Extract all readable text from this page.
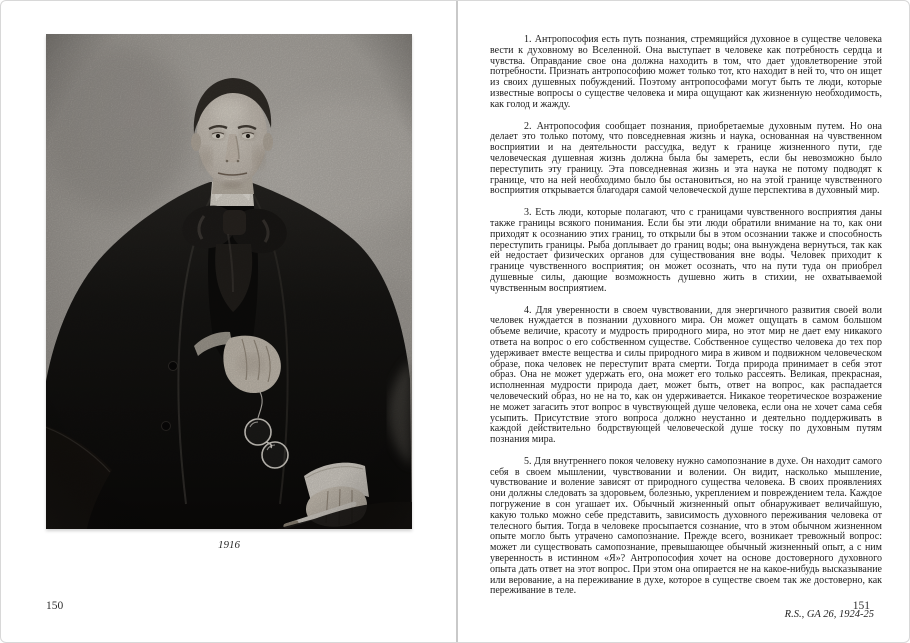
1916
150

1. Антропософия есть путь познания, стремящийся духовное в существе человека вести к духовному во Вселенной. Она выступает в человеке как потребность сердца и чувства. Оправдание свое она должна находить в том, что дает удовлетворение этой потребности. Признать антропософию может только тот, кто находит в ней то, что он ищет из своих душевных побуждений. Поэтому антропософами могут быть те люди, которые известные вопросы о существе человека и мира ощущают как жизненную необходимость, как голод и жажду.

2. Антропософия сообщает познания, приобретаемые духовным путем. Но она делает это только потому, что повседневная жизнь и наука, основанная на чувственном восприятии и на деятельности рассудка, ведут к границе жизненного пути, где человеческая душевная жизнь должна была бы замереть, если бы невозможно было переступить эту границу. Эта повседневная жизнь и эта наука не потому подводят к границе, что на ней необходимо было бы остановиться, но на этой границе чувственного восприятия открывается благодаря самой человеческой душе перспектива в духовный мир.

3. Есть люди, которые полагают, что с границами чувственного восприятия даны также границы всякого понимания. Если бы эти люди обратили внимание на то, как они приходят к осознанию этих границ, то открыли бы в этом осознании также и способность переступить границы. Рыба доплывает до границ воды; она вынуждена вернуться, так как ей недостает физических органов для существования вне воды. Человек приходит к границе чувственного восприятия; он может осознать, что на пути туда он приобрел душевные силы, дающие возможность душевно жить в стихии, не охватываемой чувственным восприятием.

4. Для уверенности в своем чувствовании, для энергичного развития своей воли человек нуждается в познании духовного мира. Он может ощущать в самом большом объеме величие, красоту и мудрость природного мира, но этот мир не дает ему никакого ответа на вопрос о его собственном существе. Собственное существо человека до тех пор удерживает вместе вещества и силы природного мира в живом и подвижном человеческом образе, пока человек не переступит врата смерти. Тогда природа принимает в себя этот образ. Она не может удержать его, она может его только рассеять. Великая, прекрасная, исполненная мудрости природа дает, может быть, ответ на вопрос, как распадается человеческий образ, но не на то, как он удерживается. Никакое теоретическое возражение не может загасить этот вопрос в чувствующей душе человека, если она не хочет сама себя усыпить. Присутствие этого вопроса должно неустанно и деятельно поддерживать в каждой действительно бодрствующей человеческой душе тоску по духовным путям познания мира.

5. Для внутреннего покоя человеку нужно самопознание в духе. Он находит самого себя в своем мышлении, чувствовании и волении. Он видит, насколько мышление, чувствование и воление зависят от природного существа человека. В своих проявлениях они должны следовать за здоровьем, болезнью, укреплением и повреждением тела. Каждое погружение в сон угашает их. Обычный жизненный опыт обнаруживает величайшую, какую только можно себе представить, зависимость духовного переживания человека от телесного бытия. Тогда в человеке просыпается сознание, что в этом обычном жизненном опыте могло быть утрачено самопознание. Прежде всего, возникает тревожный вопрос: может ли существовать самопознание, превышающее обычный жизненный опыт, а с ним уверенность в истинном «Я»? Антропософия хочет на основе достоверного духовного опыта дать ответ на этот вопрос. При этом она опирается не на какое-нибудь высказывание или верование, а на переживание в духе, которое в существе своем так же достоверно, как переживание в теле.

R.S., GA 26, 1924-25
151
